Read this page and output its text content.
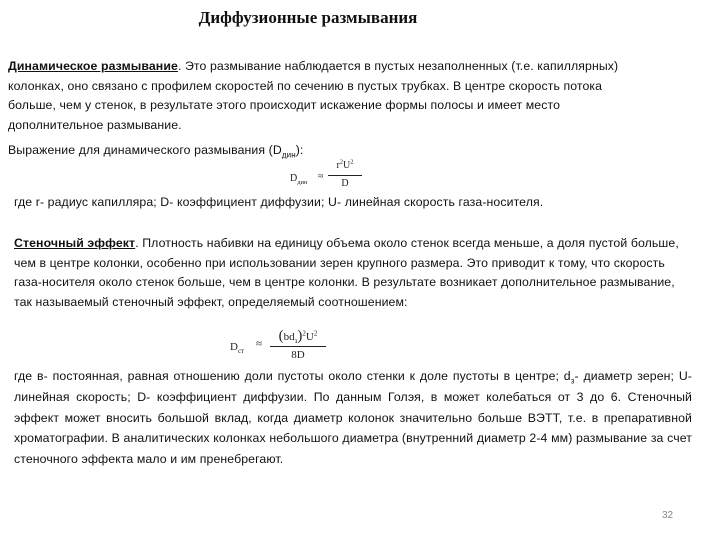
Диффузионные размывания
Динамическое размывание. Это размывание наблюдается в пустых незаполненных (т.е. капиллярных) колонках, оно связано с профилем скоростей по сечению в пустых трубках. В центре скорость потока больше, чем у стенок, в результате этого происходит искажение формы полосы и имеет место дополнительное размывание.
Выражение для динамического размывания $(D_{дин})$:
$D_{дин}$
≈
$r^2U^2$
D
где r- радиус капилляра; D- коэффициент диффузии; U- линейная скорость газа-носителя.
Стеночный эффект. Плотность набивки на единицу объема около стенок всегда меньше, а доля пустой больше, чем в центре колонки, особенно при использовании зерен крупного размера. Это приводит к тому, что скорость газа-носителя около стенок больше, чем в центре колонки. В результате возникает дополнительное размывание, так называемый стеночный эффект, определяемый соотношением:
$D_{ст}$
≈	$(bd_з)^2U^2$
8D
где в- постоянная, равная отношению доли пустоты около стенки к доле пустоты в центре; $d_з-$ диаметр зерен; U- линейная скорость; D- коэффициент диффузии. По данным Голэя, в может колебаться от 3 до 6. Стеночный эффект может вносить большой вклад, когда диаметр колонок значительно больше ВЭТТ, т.е. в препаративной хроматографии. В аналитических колонках небольшого диаметра (внутренний диаметр 2-4 мм) размывание за счет стеночного эффекта мало и им пренебрегают.
32
